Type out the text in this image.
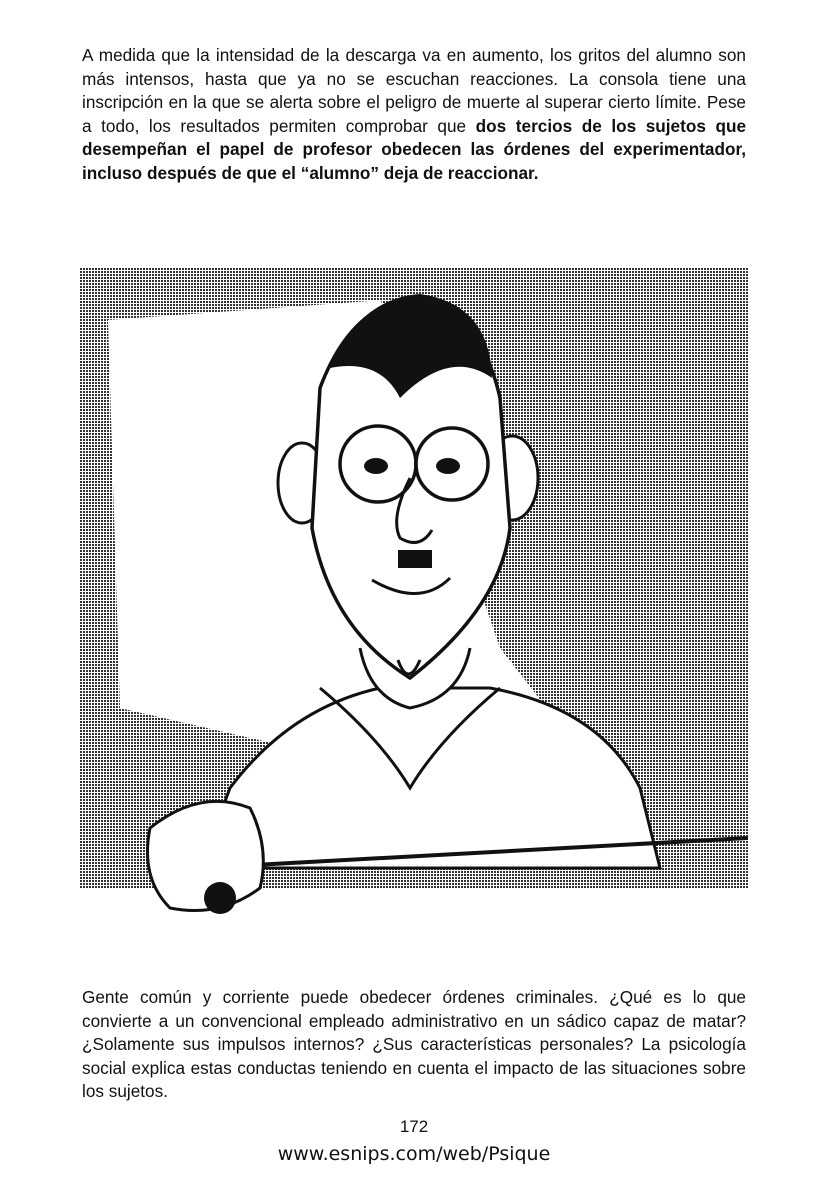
A medida que la intensidad de la descarga va en aumento, los gritos del alumno son más intensos, hasta que ya no se escuchan reacciones. La consola tiene una inscripción en la que se alerta sobre el peligro de muerte al superar cierto límite. Pese a todo, los resultados permiten comprobar que dos tercios de los sujetos que desempeñan el papel de profesor obedecen las órdenes del experimentador, incluso después de que el “alumno” deja de reaccionar.

Gente común y corriente puede obedecer órdenes criminales. ¿Qué es lo que convierte a un convencional empleado administrativo en un sádico capaz de matar? ¿Solamente sus impulsos internos? ¿Sus características personales? La psicología social explica estas conductas teniendo en cuenta el impacto de las situaciones sobre los sujetos.

172
www.esnips.com/web/Psique
